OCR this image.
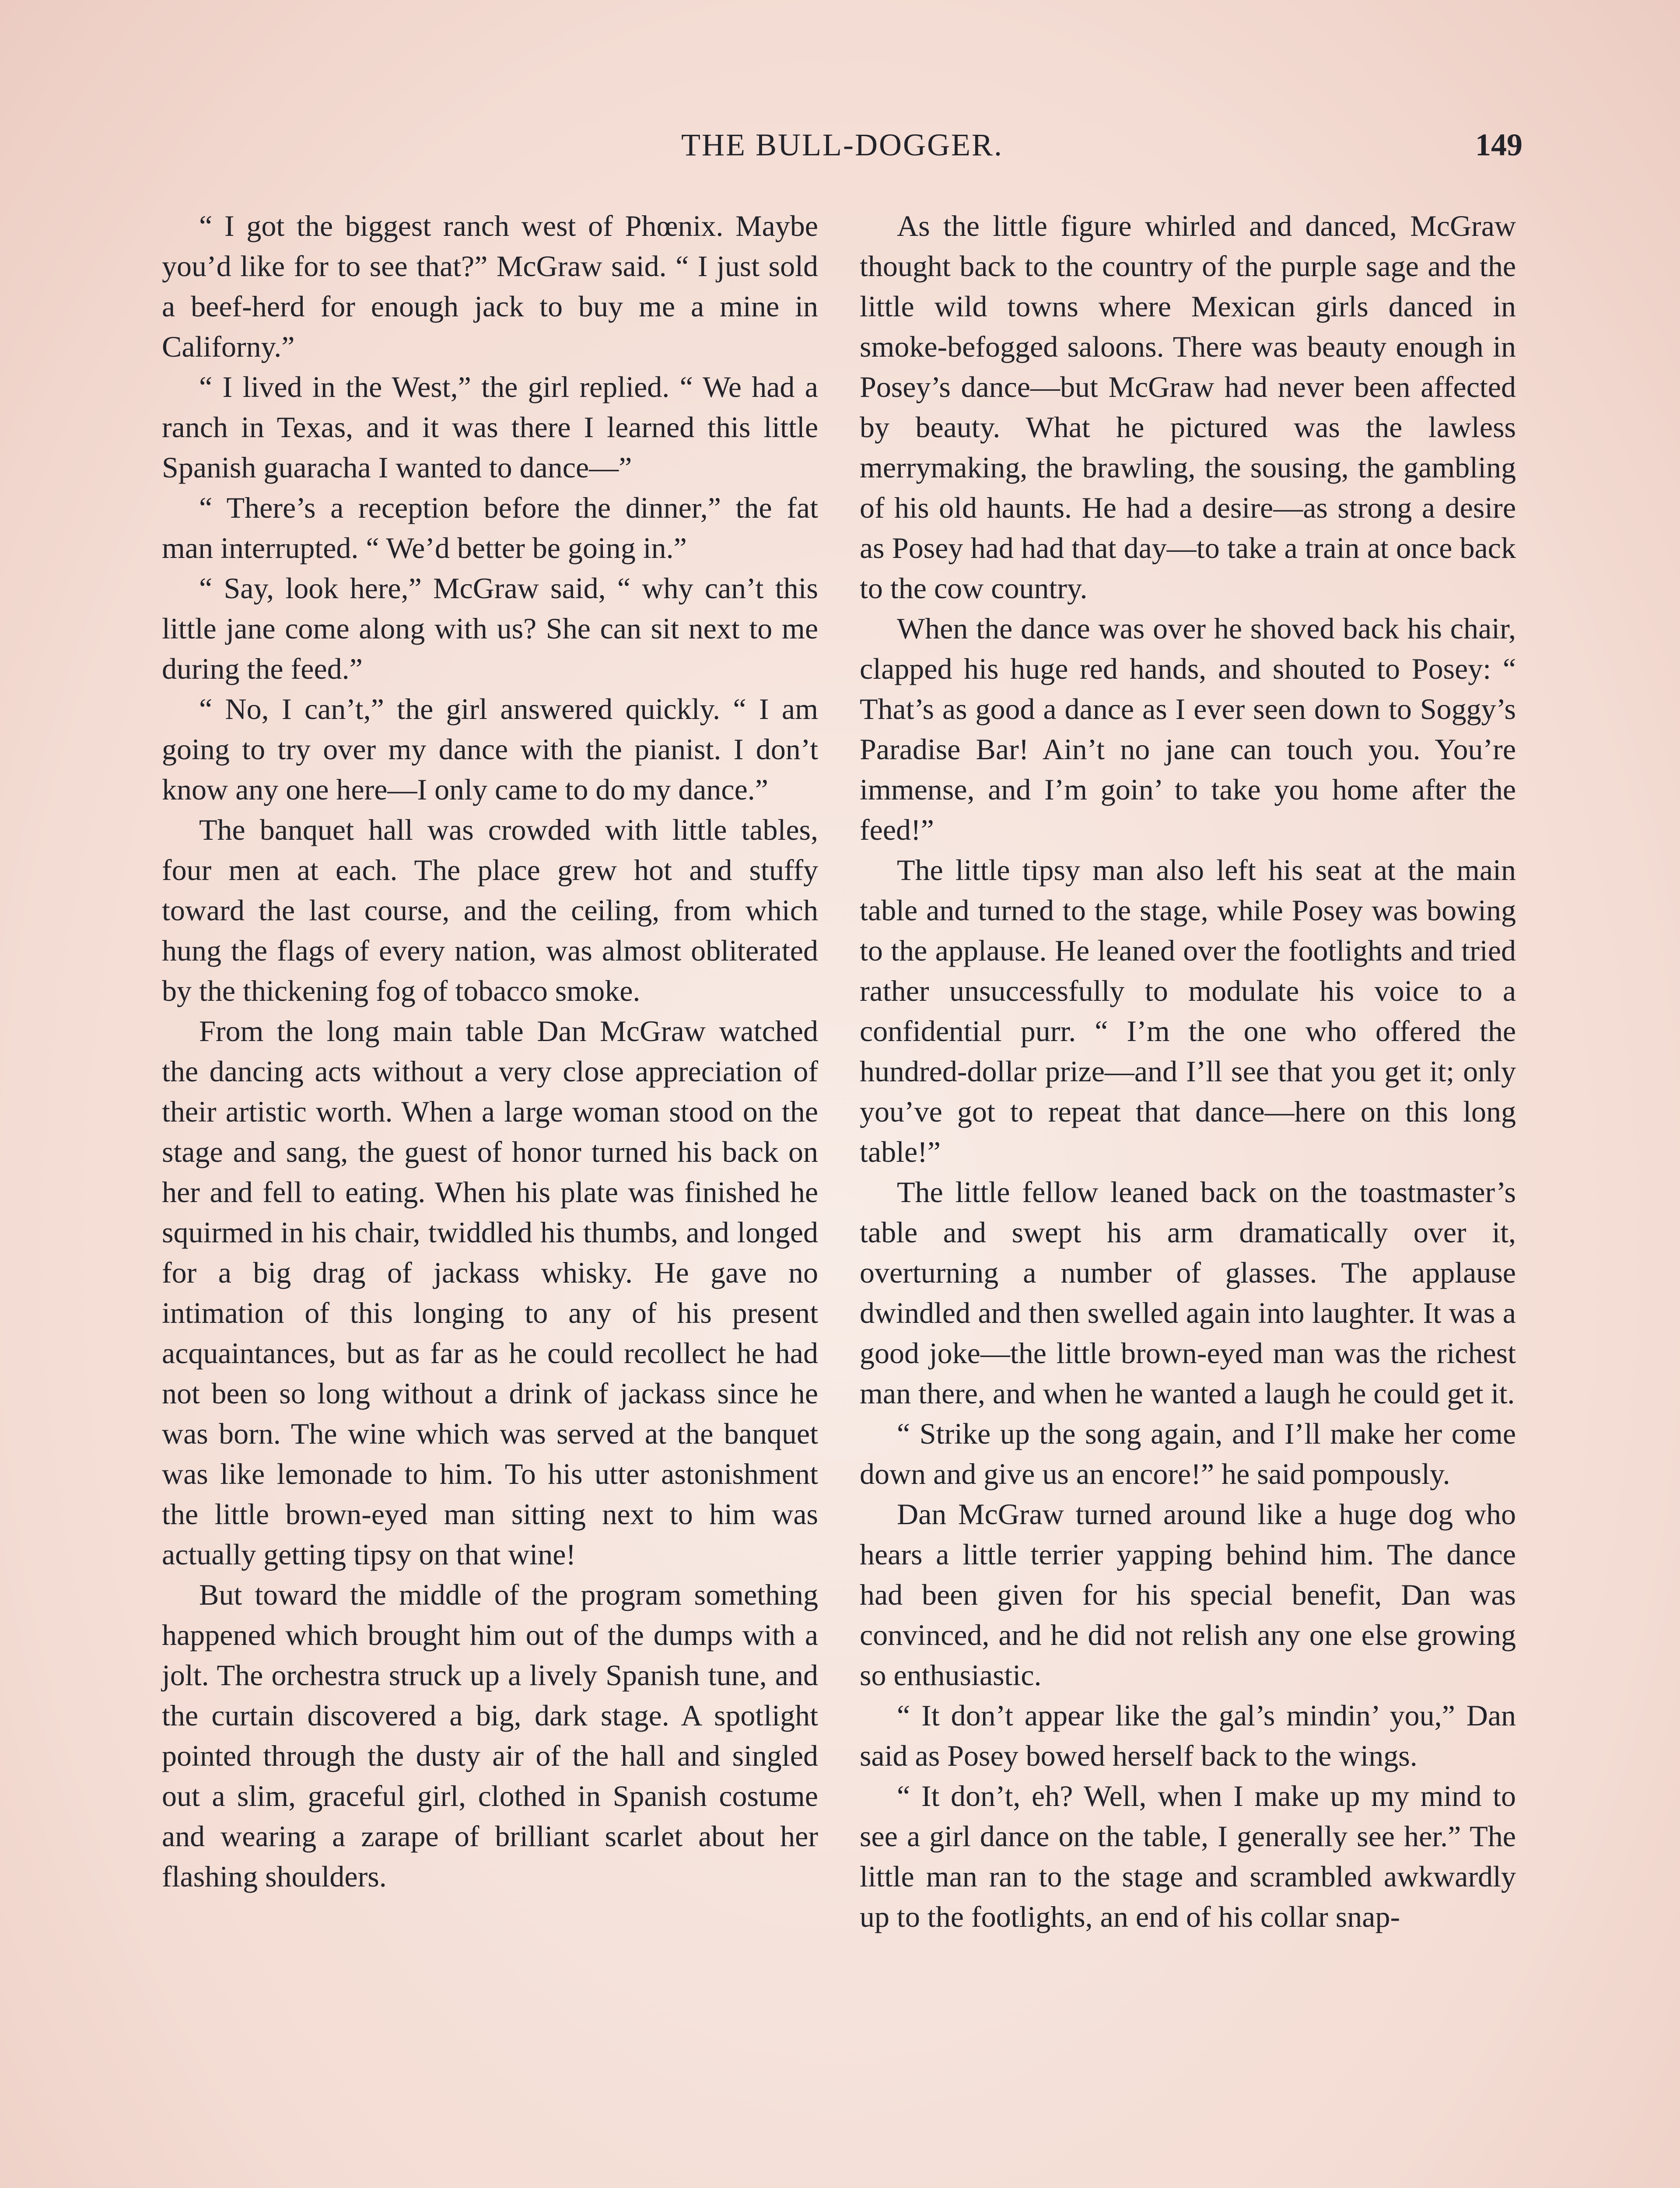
THE BULL-DOGGER.	149

“ I got the biggest ranch west of Phœnix. Maybe you’d like for to see that?” McGraw said. “ I just sold a beef-herd for enough jack to buy me a mine in Californy.”

“ I lived in the West,” the girl replied. “ We had a ranch in Texas, and it was there I learned this little Spanish guaracha I wanted to dance—”

“ There’s a reception before the dinner,” the fat man interrupted. “ We’d better be going in.”

“ Say, look here,” McGraw said, “ why can’t this little jane come along with us? She can sit next to me during the feed.”

“ No, I can’t,” the girl answered quickly. “ I am going to try over my dance with the pianist. I don’t know any one here—I only came to do my dance.”

The banquet hall was crowded with little tables, four men at each. The place grew hot and stuffy toward the last course, and the ceiling, from which hung the flags of every nation, was almost obliterated by the thickening fog of tobacco smoke.

From the long main table Dan McGraw watched the dancing acts without a very close appreciation of their artistic worth. When a large woman stood on the stage and sang, the guest of honor turned his back on her and fell to eating. When his plate was finished he squirmed in his chair, twiddled his thumbs, and longed for a big drag of jackass whisky. He gave no intimation of this longing to any of his present acquaintances, but as far as he could recollect he had not been so long without a drink of jackass since he was born. The wine which was served at the banquet was like lemonade to him. To his utter astonishment the little brown-eyed man sitting next to him was actually getting tipsy on that wine!

But toward the middle of the program something happened which brought him out of the dumps with a jolt. The orchestra struck up a lively Spanish tune, and the curtain discovered a big, dark stage. A spotlight pointed through the dusty air of the hall and singled out a slim, graceful girl, clothed in Spanish costume and wearing a zarape of brilliant scarlet about her flashing shoulders.

As the little figure whirled and danced, McGraw thought back to the country of the purple sage and the little wild towns where Mexican girls danced in smoke-befogged saloons. There was beauty enough in Posey’s dance—but McGraw had never been affected by beauty. What he pictured was the lawless merrymaking, the brawling, the sousing, the gambling of his old haunts. He had a desire—as strong a desire as Posey had had that day—to take a train at once back to the cow country.

When the dance was over he shoved back his chair, clapped his huge red hands, and shouted to Posey: “ That’s as good a dance as I ever seen down to Soggy’s Paradise Bar! Ain’t no jane can touch you. You’re immense, and I’m goin’ to take you home after the feed!”

The little tipsy man also left his seat at the main table and turned to the stage, while Posey was bowing to the applause. He leaned over the footlights and tried rather unsuccessfully to modulate his voice to a confidential purr. “ I’m the one who offered the hundred-dollar prize—and I’ll see that you get it; only you’ve got to repeat that dance—here on this long table!”

The little fellow leaned back on the toastmaster’s table and swept his arm dramatically over it, overturning a number of glasses. The applause dwindled and then swelled again into laughter. It was a good joke—the little brown-eyed man was the richest man there, and when he wanted a laugh he could get it.

“ Strike up the song again, and I’ll make her come down and give us an encore!” he said pompously.

Dan McGraw turned around like a huge dog who hears a little terrier yapping behind him. The dance had been given for his special benefit, Dan was convinced, and he did not relish any one else growing so enthusiastic.

“ It don’t appear like the gal’s mindin’ you,” Dan said as Posey bowed herself back to the wings.

“ It don’t, eh? Well, when I make up my mind to see a girl dance on the table, I generally see her.” The little man ran to the stage and scrambled awkwardly up to the footlights, an end of his collar snap-
